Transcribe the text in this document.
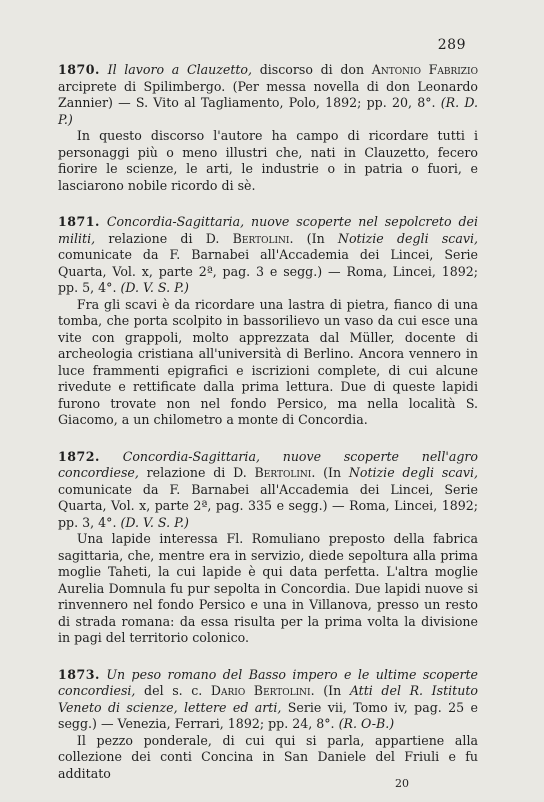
289

1870. Il lavoro a Clauzetto, discorso di don Antonio Fabrizio arciprete di Spilimbergo. (Per messa novella di don Leonardo Zannier) — S. Vito al Tagliamento, Polo, 1892; pp. 20, 8°. (R. D. P.)

In questo discorso l'autore ha campo di ricordare tutti i personaggi più o meno illustri che, nati in Clauzetto, fecero fiorire le scienze, le arti, le industrie o in patria o fuori, e lasciarono nobile ricordo di sè.

1871. Concordia-Sagittaria, nuove scoperte nel sepolcreto dei militi, relazione di D. Bertolini. (In Notizie degli scavi, comunicate da F. Barnabei all'Accademia dei Lincei, Serie Quarta, Vol. x, parte 2ª, pag. 3 e segg.) — Roma, Lincei, 1892; pp. 5, 4°. (D. V. S. P.)

Fra gli scavi è da ricordare una lastra di pietra, fianco di una tomba, che porta scolpito in bassorilievo un vaso da cui esce una vite con grappoli, molto apprezzata dal Müller, docente di archeologia cristiana all'università di Berlino. Ancora vennero in luce frammenti epigrafici e iscrizioni complete, di cui alcune rivedute e rettificate dalla prima lettura. Due di queste lapidi furono trovate non nel fondo Persico, ma nella località S. Giacomo, a un chilometro a monte di Concordia.

1872. Concordia-Sagittaria, nuove scoperte nell'agro concordiese, relazione di D. Bertolini. (In Notizie degli scavi, comunicate da F. Barnabei all'Accademia dei Lincei, Serie Quarta, Vol. x, parte 2ª, pag. 335 e segg.) — Roma, Lincei, 1892; pp. 3, 4°. (D. V. S. P.)

Una lapide interessa Fl. Romuliano preposto della fabrica sagittaria, che, mentre era in servizio, diede sepoltura alla prima moglie Taheti, la cui lapide è qui data perfetta. L'altra moglie Aurelia Domnula fu pur sepolta in Concordia. Due lapidi nuove si rinvennero nel fondo Persico e una in Villanova, presso un resto di strada romana: da essa risulta per la prima volta la divisione in pagi del territorio colonico.

1873. Un peso romano del Basso impero e le ultime scoperte concordiesi, del s. c. Dario Bertolini. (In Atti del R. Istituto Veneto di scienze, lettere ed arti, Serie vii, Tomo iv, pag. 25 e segg.) — Venezia, Ferrari, 1892; pp. 24, 8°. (R. O-B.)

Il pezzo ponderale, di cui qui si parla, appartiene alla collezione dei conti Concina in San Daniele del Friuli e fu additato

20
